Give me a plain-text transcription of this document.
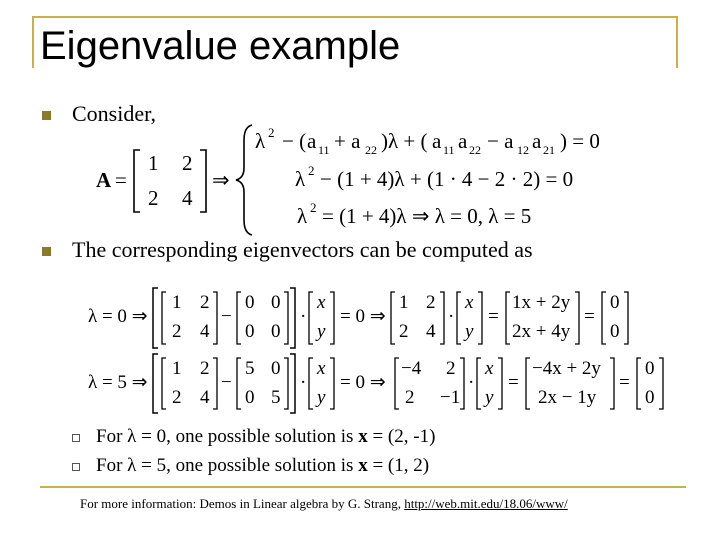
Eigenvalue example
Consider,
The corresponding eigenvectors can be computed as
A =
1 2
2 4
⇒
λ 2 − ( a 11 + a 22 )λ + ( a 11 a 22 − a 12 a 21 ) = 0
λ 2 − (1 + 4)λ + (1 · 4 − 2 · 2) = 0
λ 2 = (1 + 4)λ ⇒ λ = 0, λ = 5
λ = 0 ⇒
1 2
2 4
−
0 0
0 0
·
x
y
= 0 ⇒
1 2
2 4
·
x
y
=
1x + 2y
2x + 4y
=
0
0
λ = 5 ⇒
1 2
2 4
−
5 0
0 5
·
x
y
= 0 ⇒
−4 2
2 −1
·
x
y
=
−4x + 2y
2x − 1y
=
0
0
For λ = 0, one possible solution is x = (2, -1)
For λ = 5, one possible solution is x = (1, 2)
For more information: Demos in Linear algebra by G. Strang, http://web.mit.edu/18.06/www/
